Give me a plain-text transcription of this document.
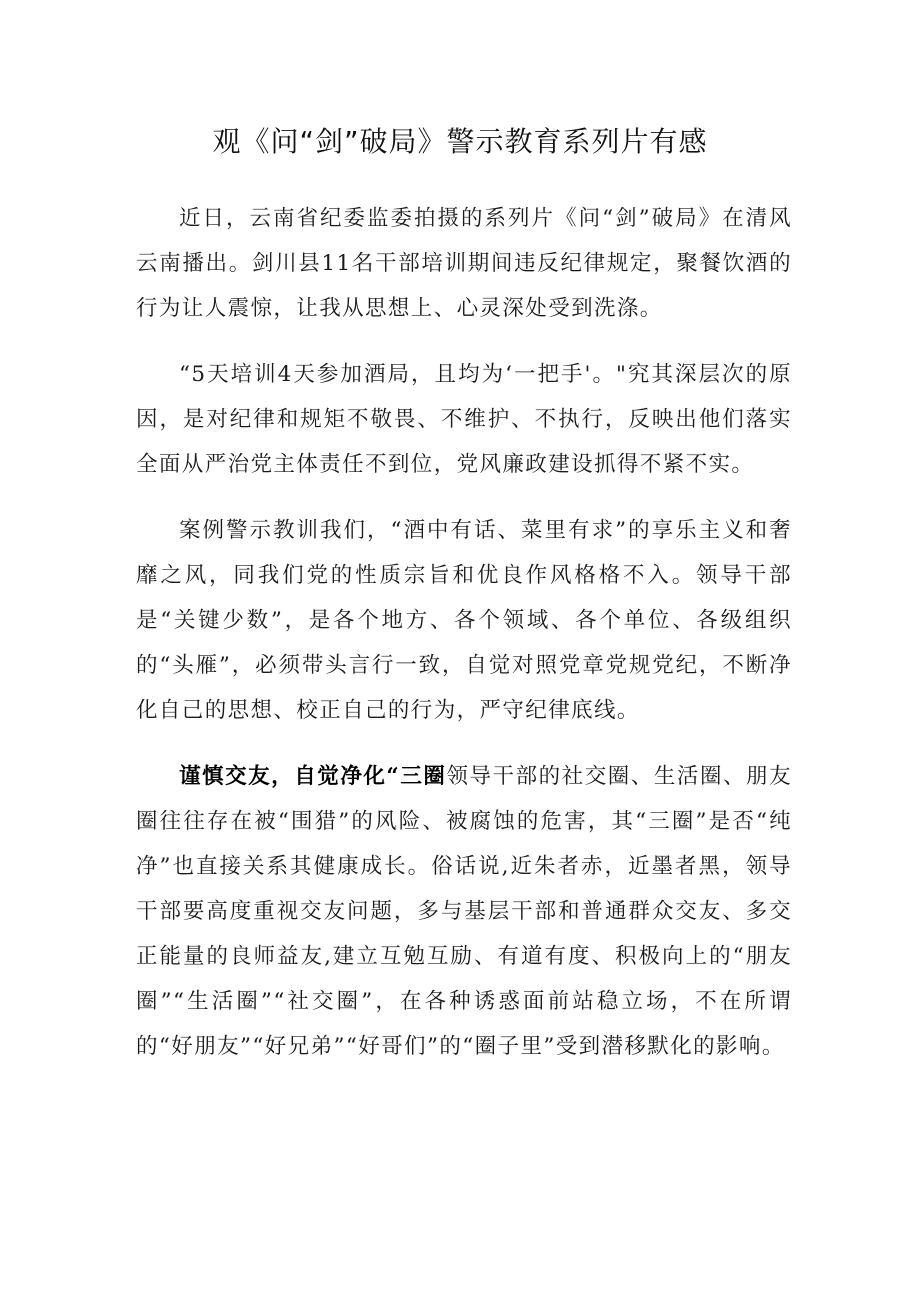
观《问“剑”破局》警示教育系列片有感

近日，云南省纪委监委拍摄的系列片《问“剑”破局》在清风云南播出。剑川县11名干部培训期间违反纪律规定，聚餐饮酒的行为让人震惊，让我从思想上、心灵深处受到洗涤。

“5天培训4天参加酒局，且均为‘一把手'。"究其深层次的原因，是对纪律和规矩不敬畏、不维护、不执行，反映出他们落实全面从严治党主体责任不到位，党风廉政建设抓得不紧不实。

案例警示教训我们，“酒中有话、菜里有求”的享乐主义和奢靡之风，同我们党的性质宗旨和优良作风格格不入。领导干部是“关键少数”，是各个地方、各个领域、各个单位、各级组织的“头雁”，必须带头言行一致，自觉对照党章党规党纪，不断净化自己的思想、校正自己的行为，严守纪律底线。

谨慎交友，自觉净化“三圈领导干部的社交圈、生活圈、朋友圈往往存在被“围猎”的风险、被腐蚀的危害，其“三圈”是否“纯净”也直接关系其健康成长。俗话说,近朱者赤，近墨者黑，领导干部要高度重视交友问题，多与基层干部和普通群众交友、多交正能量的良师益友,建立互勉互励、有道有度、积极向上的“朋友圈”“生活圈”“社交圈”，在各种诱惑面前站稳立场，不在所谓的“好朋友”“好兄弟”“好哥们”的“圈子里”受到潜移默化的影响。
